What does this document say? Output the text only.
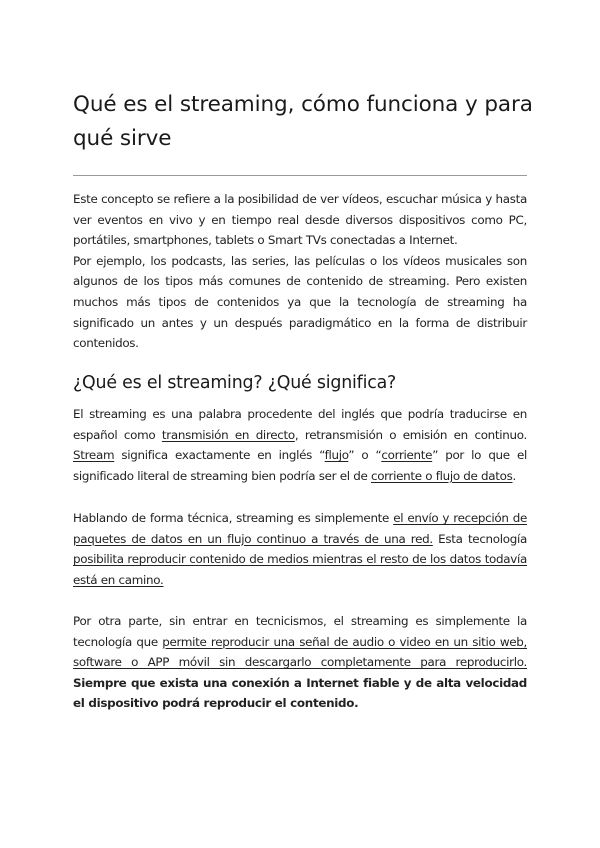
Qué es el streaming, cómo funciona y para qué sirve
Este concepto se refiere a la posibilidad de ver vídeos, escuchar música y hasta ver eventos en vivo y en tiempo real desde diversos dispositivos como PC, portátiles, smartphones, tablets o Smart TVs conectadas a Internet.
Por ejemplo, los podcasts, las series, las películas o los vídeos musicales son algunos de los tipos más comunes de contenido de streaming. Pero existen muchos más tipos de contenidos ya que la tecnología de streaming ha significado un antes y un después paradigmático en la forma de distribuir contenidos.
¿Qué es el streaming? ¿Qué significa?

El streaming es una palabra procedente del inglés que podría traducirse en español como transmisión en directo, retransmisión o emisión en continuo. Stream significa exactamente en inglés “flujo” o “corriente” por lo que el significado literal de streaming bien podría ser el de corriente o flujo de datos.

Hablando de forma técnica, streaming es simplemente el envío y recepción de paquetes de datos en un flujo continuo a través de una red. Esta tecnología posibilita reproducir contenido de medios mientras el resto de los datos todavía está en camino.

Por otra parte, sin entrar en tecnicismos, el streaming es simplemente la tecnología que permite reproducir una señal de audio o video en un sitio web, software o APP móvil sin descargarlo completamente para reproducirlo. Siempre que exista una conexión a Internet fiable y de alta velocidad el dispositivo podrá reproducir el contenido.
